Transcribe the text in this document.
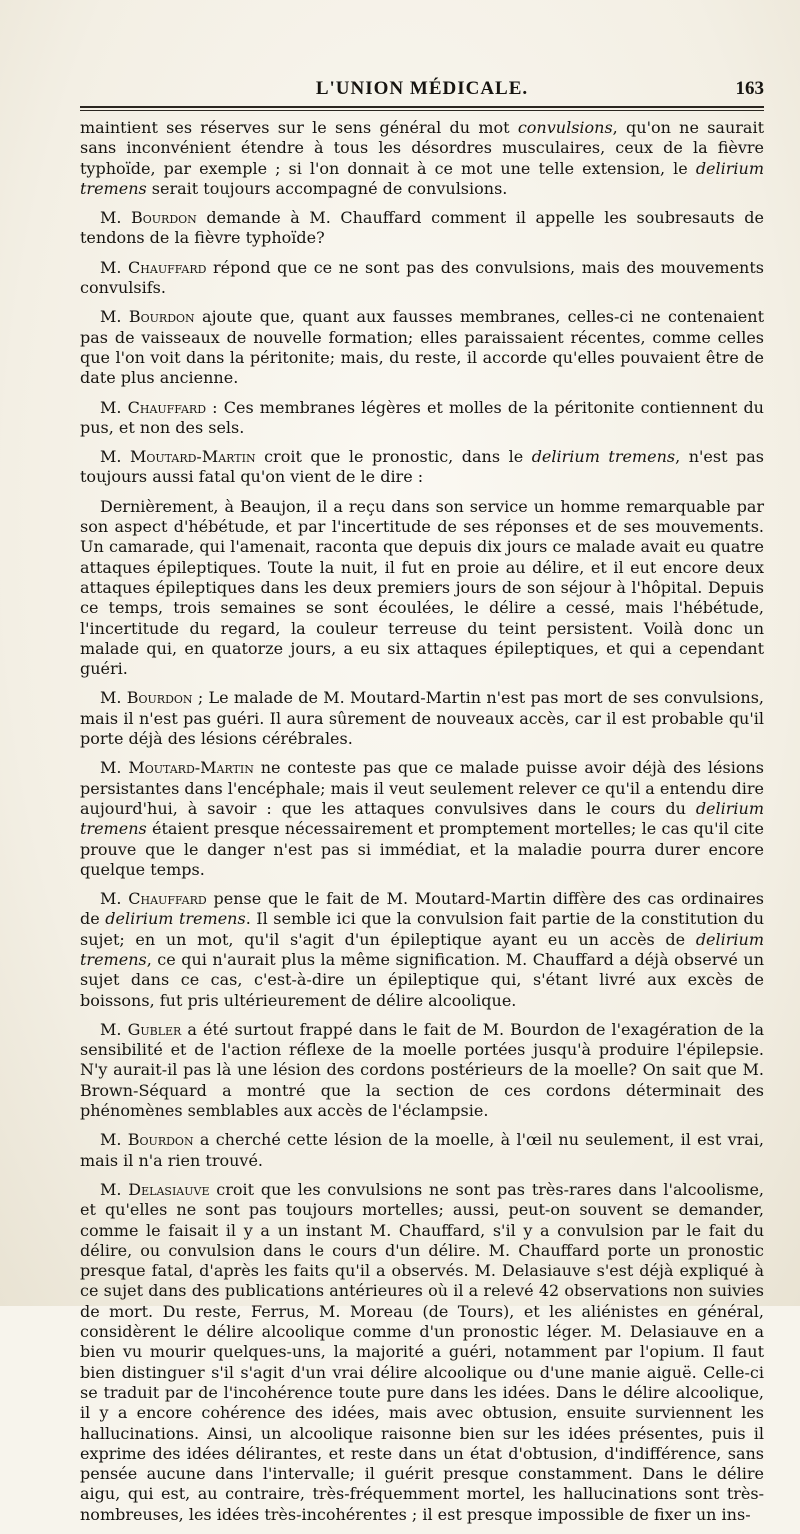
L'UNION MÉDICALE.	163

maintient ses réserves sur le sens général du mot convulsions, qu'on ne saurait sans inconvénient étendre à tous les désordres musculaires, ceux de la fièvre typhoïde, par exemple ; si l'on donnait à ce mot une telle extension, le delirium tremens serait toujours accompagné de convulsions.

M. Bourdon demande à M. Chauffard comment il appelle les soubresauts de tendons de la fièvre typhoïde?

M. Chauffard répond que ce ne sont pas des convulsions, mais des mouvements convulsifs.

M. Bourdon ajoute que, quant aux fausses membranes, celles-ci ne contenaient pas de vaisseaux de nouvelle formation; elles paraissaient récentes, comme celles que l'on voit dans la péritonite; mais, du reste, il accorde qu'elles pouvaient être de date plus ancienne.

M. Chauffard : Ces membranes légères et molles de la péritonite contiennent du pus, et non des sels.

M. Moutard-Martin croit que le pronostic, dans le delirium tremens, n'est pas toujours aussi fatal qu'on vient de le dire :

Dernièrement, à Beaujon, il a reçu dans son service un homme remarquable par son aspect d'hébétude, et par l'incertitude de ses réponses et de ses mouvements. Un camarade, qui l'amenait, raconta que depuis dix jours ce malade avait eu quatre attaques épileptiques. Toute la nuit, il fut en proie au délire, et il eut encore deux attaques épileptiques dans les deux premiers jours de son séjour à l'hôpital. Depuis ce temps, trois semaines se sont écoulées, le délire a cessé, mais l'hébétude, l'incertitude du regard, la couleur terreuse du teint persistent. Voilà donc un malade qui, en quatorze jours, a eu six attaques épileptiques, et qui a cependant guéri.

M. Bourdon ; Le malade de M. Moutard-Martin n'est pas mort de ses convulsions, mais il n'est pas guéri. Il aura sûrement de nouveaux accès, car il est probable qu'il porte déjà des lésions cérébrales.

M. Moutard-Martin ne conteste pas que ce malade puisse avoir déjà des lésions persistantes dans l'encéphale; mais il veut seulement relever ce qu'il a entendu dire aujourd'hui, à savoir : que les attaques convulsives dans le cours du delirium tremens étaient presque nécessairement et promptement mortelles; le cas qu'il cite prouve que le danger n'est pas si immédiat, et la maladie pourra durer encore quelque temps.

M. Chauffard pense que le fait de M. Moutard-Martin diffère des cas ordinaires de delirium tremens. Il semble ici que la convulsion fait partie de la constitution du sujet; en un mot, qu'il s'agit d'un épileptique ayant eu un accès de delirium tremens, ce qui n'aurait plus la même signification. M. Chauffard a déjà observé un sujet dans ce cas, c'est-à-dire un épileptique qui, s'étant livré aux excès de boissons, fut pris ultérieurement de délire alcoolique.

M. Gubler a été surtout frappé dans le fait de M. Bourdon de l'exagération de la sensibilité et de l'action réflexe de la moelle portées jusqu'à produire l'épilepsie. N'y aurait-il pas là une lésion des cordons postérieurs de la moelle? On sait que M. Brown-Séquard a montré que la section de ces cordons déterminait des phénomènes semblables aux accès de l'éclampsie.

M. Bourdon a cherché cette lésion de la moelle, à l'œil nu seulement, il est vrai, mais il n'a rien trouvé.

M. Delasiauve croit que les convulsions ne sont pas très-rares dans l'alcoolisme, et qu'elles ne sont pas toujours mortelles; aussi, peut-on souvent se demander, comme le faisait il y a un instant M. Chauffard, s'il y a convulsion par le fait du délire, ou convulsion dans le cours d'un délire. M. Chauffard porte un pronostic presque fatal, d'après les faits qu'il a observés. M. Delasiauve s'est déjà expliqué à ce sujet dans des publications antérieures où il a relevé 42 observations non suivies de mort. Du reste, Ferrus, M. Moreau (de Tours), et les aliénistes en général, considèrent le délire alcoolique comme d'un pronostic léger. M. Delasiauve en a bien vu mourir quelques-uns, la majorité a guéri, notamment par l'opium. Il faut bien distinguer s'il s'agit d'un vrai délire alcoolique ou d'une manie aiguë. Celle-ci se traduit par de l'incohérence toute pure dans les idées. Dans le délire alcoolique, il y a encore cohérence des idées, mais avec obtusion, ensuite surviennent les hallucinations. Ainsi, un alcoolique raisonne bien sur les idées présentes, puis il exprime des idées délirantes, et reste dans un état d'obtusion, d'indifférence, sans pensée aucune dans l'intervalle; il guérit presque constamment. Dans le délire aigu, qui est, au contraire, très-fréquemment mortel, les hallucinations sont très-nombreuses, les idées très-incohérentes ; il est presque impossible de fixer un ins-
